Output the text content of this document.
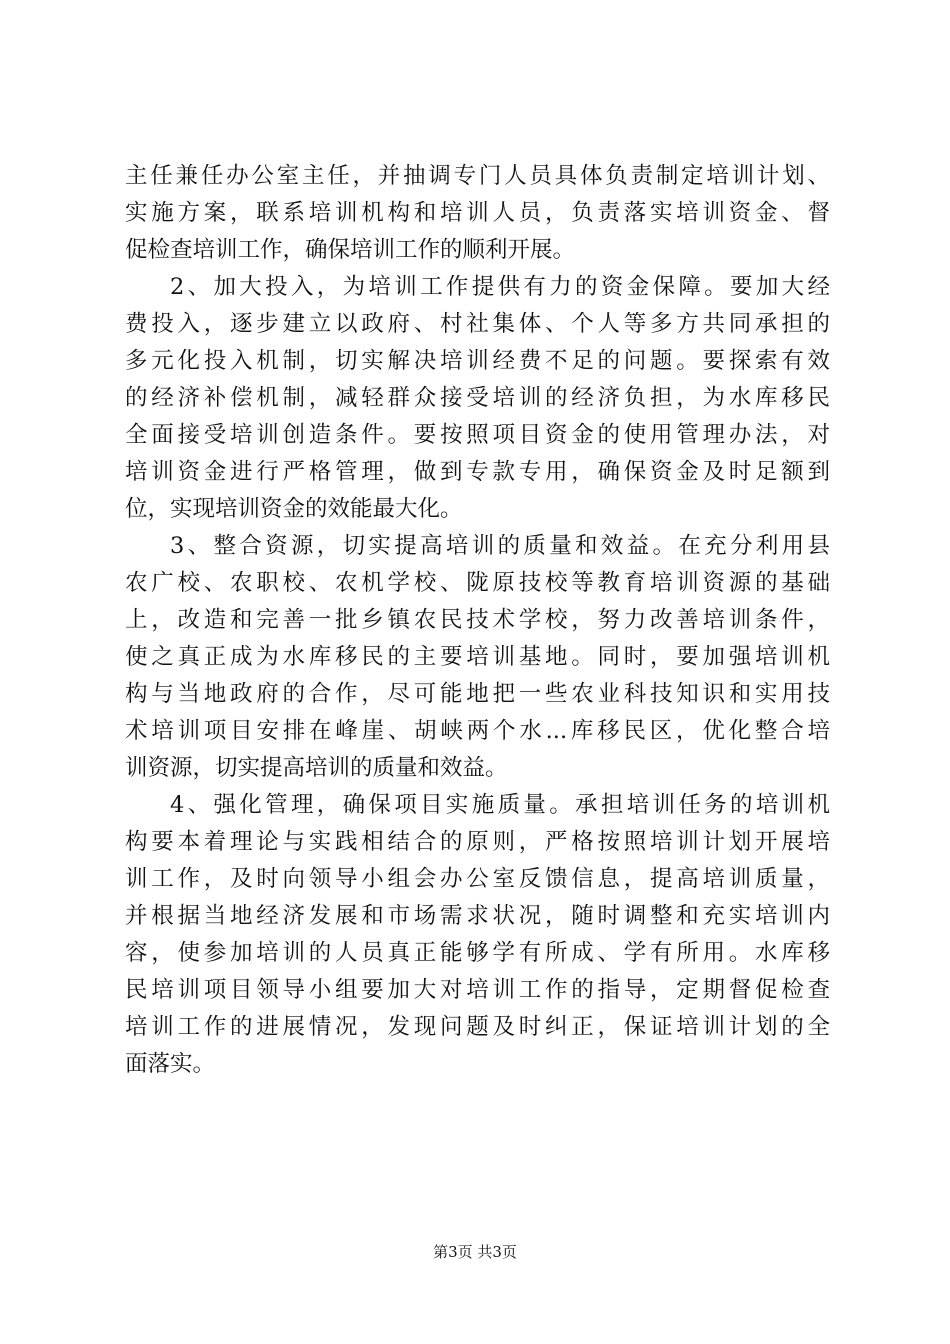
主任兼任办公室主任，并抽调专门人员具体负责制定培训计划、
实施方案，联系培训机构和培训人员，负责落实培训资金、督
促检查培训工作，确保培训工作的顺利开展。
2、加大投入，为培训工作提供有力的资金保障。要加大经
费投入，逐步建立以政府、村社集体、个人等多方共同承担的
多元化投入机制，切实解决培训经费不足的问题。要探索有效
的经济补偿机制，减轻群众接受培训的经济负担，为水库移民
全面接受培训创造条件。要按照项目资金的使用管理办法，对
培训资金进行严格管理，做到专款专用，确保资金及时足额到
位，实现培训资金的效能最大化。
3、整合资源，切实提高培训的质量和效益。在充分利用县
农广校、农职校、农机学校、陇原技校等教育培训资源的基础
上，改造和完善一批乡镇农民技术学校，努力改善培训条件，
使之真正成为水库移民的主要培训基地。同时，要加强培训机
构与当地政府的合作，尽可能地把一些农业科技知识和实用技
术培训项目安排在峰崖、胡峡两个水...库移民区，优化整合培
训资源，切实提高培训的质量和效益。
4、强化管理，确保项目实施质量。承担培训任务的培训机
构要本着理论与实践相结合的原则，严格按照培训计划开展培
训工作，及时向领导小组会办公室反馈信息，提高培训质量，
并根据当地经济发展和市场需求状况，随时调整和充实培训内
容，使参加培训的人员真正能够学有所成、学有所用。水库移
民培训项目领导小组要加大对培训工作的指导，定期督促检查
培训工作的进展情况，发现问题及时纠正，保证培训计划的全
面落实。
第3页 共3页
